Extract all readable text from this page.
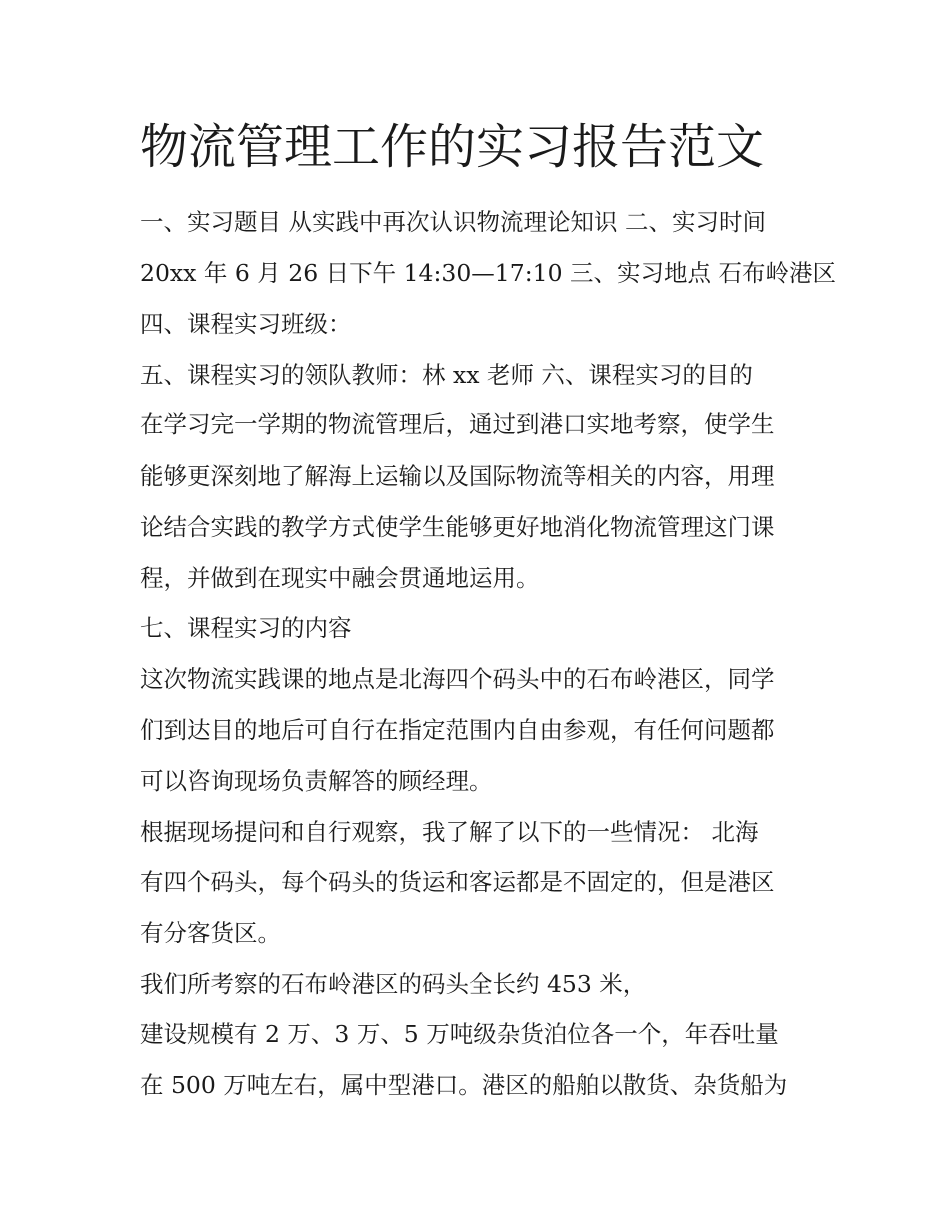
物流管理工作的实习报告范文

一、实习题目 从实践中再次认识物流理论知识 二、实习时间

20xx 年 6 月 26 日下午 14:30—17:10 三、实习地点 石布岭港区

四、课程实习班级：

五、课程实习的领队教师：林 xx 老师 六、课程实习的目的

在学习完一学期的物流管理后，通过到港口实地考察，使学生

能够更深刻地了解海上运输以及国际物流等相关的内容，用理

论结合实践的教学方式使学生能够更好地消化物流管理这门课

程，并做到在现实中融会贯通地运用。

七、课程实习的内容

这次物流实践课的地点是北海四个码头中的石布岭港区，同学

们到达目的地后可自行在指定范围内自由参观，有任何问题都

可以咨询现场负责解答的顾经理。

根据现场提问和自行观察，我了解了以下的一些情况： 北海

有四个码头，每个码头的货运和客运都是不固定的，但是港区

有分客货区。

我们所考察的石布岭港区的码头全长约 453 米，

建设规模有 2 万、3 万、5 万吨级杂货泊位各一个，年吞吐量

在 500 万吨左右，属中型港口。港区的船舶以散货、杂货船为
